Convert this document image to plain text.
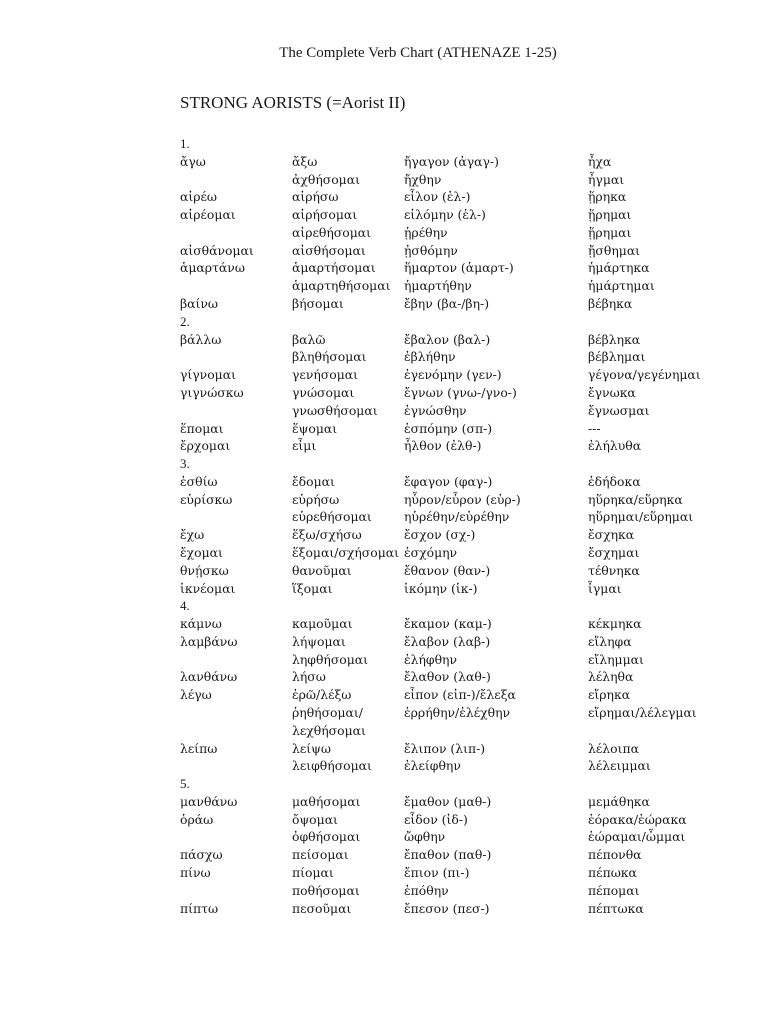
The Complete Verb Chart (ATHENAZE 1-25)
STRONG AORISTS (=Aorist II)
1.			
ἄγω	ἄξω	ἤγαγον (ἀγαγ-)	ἦχα
	ἀχθήσομαι	ἤχθην	ἦγμαι
αἱρέω	αἱρήσω	εἷλον (ἑλ-)	ᾕρηκα
αἱρέομαι	αἱρήσομαι	εἱλόμην (ἑλ-)	ᾕρημαι
	αἱρεθήσομαι	ᾑρέθην	ᾕρημαι
αἰσθάνομαι	αἰσθήσομαι	ᾐσθόμην	ᾔσθημαι
ἁμαρτάνω	ἁμαρτήσομαι	ἥμαρτον (ἁμαρτ-)	ἡμάρτηκα
	ἁμαρτηθήσομαι	ἡμαρτήθην	ἡμάρτημαι
βαίνω	βήσομαι	ἔβην (βα-/βη-)	βέβηκα
2.			
βάλλω	βαλῶ	ἔβαλον (βαλ-)	βέβληκα
	βληθήσομαι	ἐβλήθην	βέβλημαι
γίγνομαι	γενήσομαι	ἐγενόμην (γεν-)	γέγονα/γεγένημαι
γιγνώσκω	γνώσομαι	ἔγνων (γνω-/γνο-)	ἔγνωκα
	γνωσθήσομαι	ἐγνώσθην	ἔγνωσμαι
ἕπομαι	ἕψομαι	ἑσπόμην (σπ-)	---
ἔρχομαι	εἶμι	ἦλθον (ἐλθ-)	ἐλήλυθα
3.			
ἐσθίω	ἔδομαι	ἔφαγον (φαγ-)	ἐδήδοκα
εὑρίσκω	εὑρήσω	ηὗρον/εὗρον (εὑρ-)	ηὕρηκα/εὕρηκα
	εὑρεθήσομαι	ηὑρέθην/εὑρέθην	ηὕρημαι/εὕρημαι
ἔχω	ἕξω/σχήσω	ἔσχον (σχ-)	ἔσχηκα
ἔχομαι	ἕξομαι/σχήσομαι	ἐσχόμην	ἔσχημαι
θνῄσκω	θανοῦμαι	ἔθανον (θαν-)	τέθνηκα
ἱκνέομαι	ἵξομαι	ἱκόμην (ἱκ-)	ἷγμαι
4.			
κάμνω	καμοῦμαι	ἔκαμον (καμ-)	κέκμηκα
λαμβάνω	λήψομαι	ἔλαβον (λαβ-)	εἴληφα
	ληφθήσομαι	ἐλήφθην	εἴλημμαι
λανθάνω	λήσω	ἔλαθον (λαθ-)	λέληθα
λέγω	ἐρῶ/λέξω	εἶπον (εἰπ-)/ἔλεξα	εἴρηκα
	ῥηθήσομαι/	ἐρρήθην/ἐλέχθην	εἴρημαι/λέλεγμαι
	λεχθήσομαι		
λείπω	λείψω	ἔλιπον (λιπ-)	λέλοιπα
	λειφθήσομαι	ἐλείφθην	λέλειμμαι
5.			
μανθάνω	μαθήσομαι	ἔμαθον (μαθ-)	μεμάθηκα
ὁράω	ὄψομαι	εἶδον (ἰδ-)	ἑόρακα/ἑώρακα
	ὀφθήσομαι	ὤφθην	ἑώραμαι/ὦμμαι
πάσχω	πείσομαι	ἔπαθον (παθ-)	πέπονθα
πίνω	πίομαι	ἔπιον (πι-)	πέπωκα
	ποθήσομαι	ἐπόθην	πέπομαι
πίπτω	πεσοῦμαι	ἔπεσον (πεσ-)	πέπτωκα
